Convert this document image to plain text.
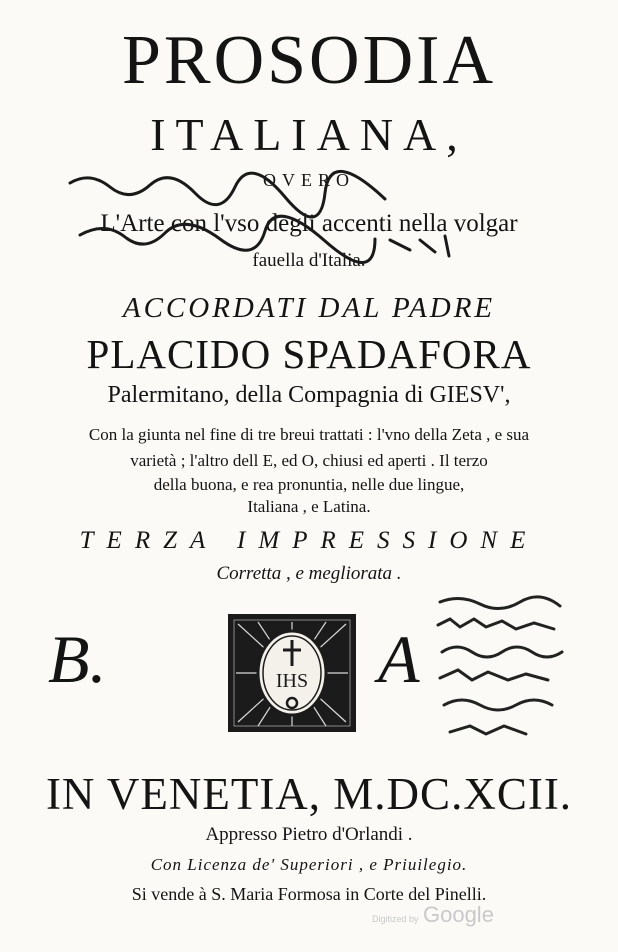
PROSODIA
ITALIANA,
OVERO
L'Arte con l'vso degli accenti nella volgar
fauella d'Italia.
ACCORDATI DAL PADRE
PLACIDO SPADAFORA
Palermitano, della Compagnia di GIESV',
Con la giunta nel fine di tre breui trattati : l'vno della Zeta , e sua
varietà ; l'altro dell E, ed O, chiusi ed aperti . Il terzo
della buona, e rea pronuntia, nelle due lingue,
Italiana , e Latina.
TERZA IMPRESSIONE
Corretta , e megliorata .
B.	A
IHS
IN VENETIA, M.DC.XCII.
Appresso Pietro d'Orlandi .
Con Licenza de' Superiori , e Priuilegio.
Si vende à S. Maria Formosa in Corte del Pinelli.
Digitized by Google
